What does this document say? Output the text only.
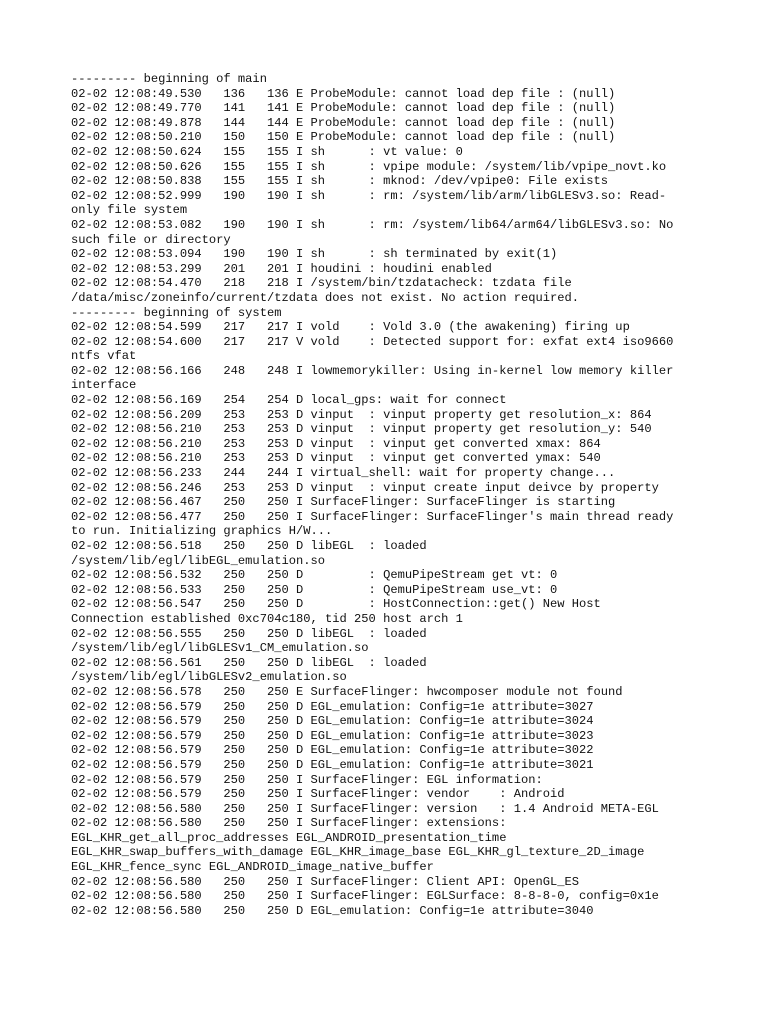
--------- beginning of main
02-02 12:08:49.530   136   136 E ProbeModule: cannot load dep file : (null)
02-02 12:08:49.770   141   141 E ProbeModule: cannot load dep file : (null)
02-02 12:08:49.878   144   144 E ProbeModule: cannot load dep file : (null)
02-02 12:08:50.210   150   150 E ProbeModule: cannot load dep file : (null)
02-02 12:08:50.624   155   155 I sh      : vt value: 0
02-02 12:08:50.626   155   155 I sh      : vpipe module: /system/lib/vpipe_novt.ko
02-02 12:08:50.838   155   155 I sh      : mknod: /dev/vpipe0: File exists
02-02 12:08:52.999   190   190 I sh      : rm: /system/lib/arm/libGLESv3.so: Read-
only file system
02-02 12:08:53.082   190   190 I sh      : rm: /system/lib64/arm64/libGLESv3.so: No
such file or directory
02-02 12:08:53.094   190   190 I sh      : sh terminated by exit(1)
02-02 12:08:53.299   201   201 I houdini : houdini enabled
02-02 12:08:54.470   218   218 I /system/bin/tzdatacheck: tzdata file
/data/misc/zoneinfo/current/tzdata does not exist. No action required.
--------- beginning of system
02-02 12:08:54.599   217   217 I vold    : Vold 3.0 (the awakening) firing up
02-02 12:08:54.600   217   217 V vold    : Detected support for: exfat ext4 iso9660
ntfs vfat
02-02 12:08:56.166   248   248 I lowmemorykiller: Using in-kernel low memory killer
interface
02-02 12:08:56.169   254   254 D local_gps: wait for connect
02-02 12:08:56.209   253   253 D vinput  : vinput property get resolution_x: 864
02-02 12:08:56.210   253   253 D vinput  : vinput property get resolution_y: 540
02-02 12:08:56.210   253   253 D vinput  : vinput get converted xmax: 864
02-02 12:08:56.210   253   253 D vinput  : vinput get converted ymax: 540
02-02 12:08:56.233   244   244 I virtual_shell: wait for property change...
02-02 12:08:56.246   253   253 D vinput  : vinput create input deivce by property
02-02 12:08:56.467   250   250 I SurfaceFlinger: SurfaceFlinger is starting
02-02 12:08:56.477   250   250 I SurfaceFlinger: SurfaceFlinger's main thread ready
to run. Initializing graphics H/W...
02-02 12:08:56.518   250   250 D libEGL  : loaded
/system/lib/egl/libEGL_emulation.so
02-02 12:08:56.532   250   250 D         : QemuPipeStream get vt: 0
02-02 12:08:56.533   250   250 D         : QemuPipeStream use_vt: 0
02-02 12:08:56.547   250   250 D         : HostConnection::get() New Host
Connection established 0xc704c180, tid 250 host arch 1
02-02 12:08:56.555   250   250 D libEGL  : loaded
/system/lib/egl/libGLESv1_CM_emulation.so
02-02 12:08:56.561   250   250 D libEGL  : loaded
/system/lib/egl/libGLESv2_emulation.so
02-02 12:08:56.578   250   250 E SurfaceFlinger: hwcomposer module not found
02-02 12:08:56.579   250   250 D EGL_emulation: Config=1e attribute=3027
02-02 12:08:56.579   250   250 D EGL_emulation: Config=1e attribute=3024
02-02 12:08:56.579   250   250 D EGL_emulation: Config=1e attribute=3023
02-02 12:08:56.579   250   250 D EGL_emulation: Config=1e attribute=3022
02-02 12:08:56.579   250   250 D EGL_emulation: Config=1e attribute=3021
02-02 12:08:56.579   250   250 I SurfaceFlinger: EGL information:
02-02 12:08:56.579   250   250 I SurfaceFlinger: vendor    : Android
02-02 12:08:56.580   250   250 I SurfaceFlinger: version   : 1.4 Android META-EGL
02-02 12:08:56.580   250   250 I SurfaceFlinger: extensions:
EGL_KHR_get_all_proc_addresses EGL_ANDROID_presentation_time
EGL_KHR_swap_buffers_with_damage EGL_KHR_image_base EGL_KHR_gl_texture_2D_image
EGL_KHR_fence_sync EGL_ANDROID_image_native_buffer
02-02 12:08:56.580   250   250 I SurfaceFlinger: Client API: OpenGL_ES
02-02 12:08:56.580   250   250 I SurfaceFlinger: EGLSurface: 8-8-8-0, config=0x1e
02-02 12:08:56.580   250   250 D EGL_emulation: Config=1e attribute=3040
